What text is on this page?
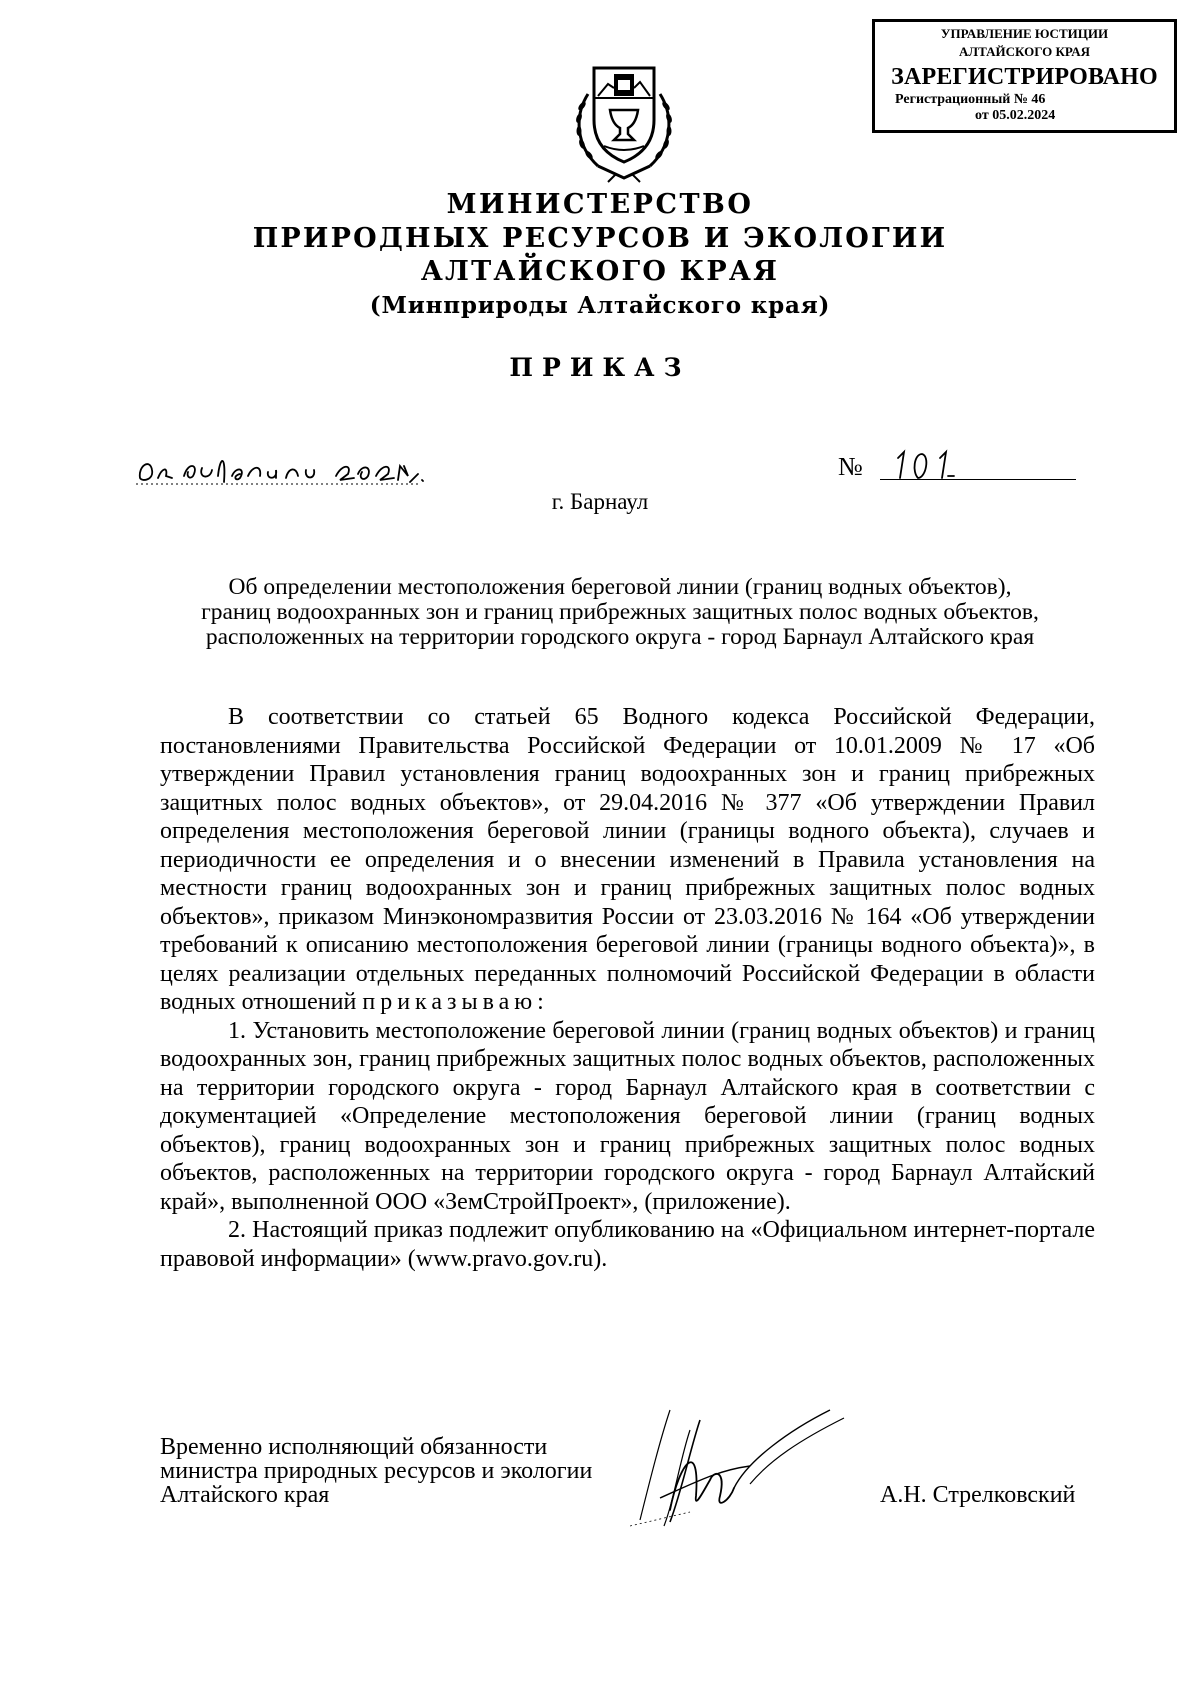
УПРАВЛЕНИЕ ЮСТИЦИИ
АЛТАЙСКОГО КРАЯ
ЗАРЕГИСТРИРОВАНО
Регистрационный № 46
от 05.02.2024
МИНИСТЕРСТВО
ПРИРОДНЫХ РЕСУРСОВ И ЭКОЛОГИИ
АЛТАЙСКОГО КРАЯ
(Минприроды Алтайского края)
ПРИКАЗ
№
г. Барнаул
Об определении местоположения береговой линии (границ водных объектов),
границ водоохранных зон и границ прибрежных защитных полос водных объектов,
расположенных на территории городского округа - город Барнаул Алтайского края

В соответствии со статьей 65 Водного кодекса Российской Федерации, постановлениями Правительства Российской Федерации от 10.01.2009 № 17 «Об утверждении Правил установления границ водоохранных зон и границ прибрежных защитных полос водных объектов», от 29.04.2016 № 377 «Об утверждении Правил определения местоположения береговой линии (границы водного объекта), случаев и периодичности ее определения и о внесении изменений в Правила установления на местности границ водоохранных зон и границ прибрежных защитных полос водных объектов», приказом Минэкономразвития России от 23.03.2016 № 164 «Об утверждении требований к описанию местоположения береговой линии (границы водного объекта)», в целях реализации отдельных переданных полномочий Российской Федерации в области водных отношений приказываю:

1. Установить местоположение береговой линии (границ водных объектов) и границ водоохранных зон, границ прибрежных защитных полос водных объектов, расположенных на территории городского округа - город Барнаул Алтайского края в соответствии с документацией «Определение местоположения береговой линии (границ водных объектов), границ водоохранных зон и границ прибрежных защитных полос водных объектов, расположенных на территории городского округа - город Барнаул Алтайский край», выполненной ООО «ЗемСтройПроект», (приложение).

2. Настоящий приказ подлежит опубликованию на «Официальном интернет-портале правовой информации» (www.pravo.gov.ru).

Временно исполняющий обязанности
министра природных ресурсов и экологии
Алтайского края	А.Н. Стрелковский
